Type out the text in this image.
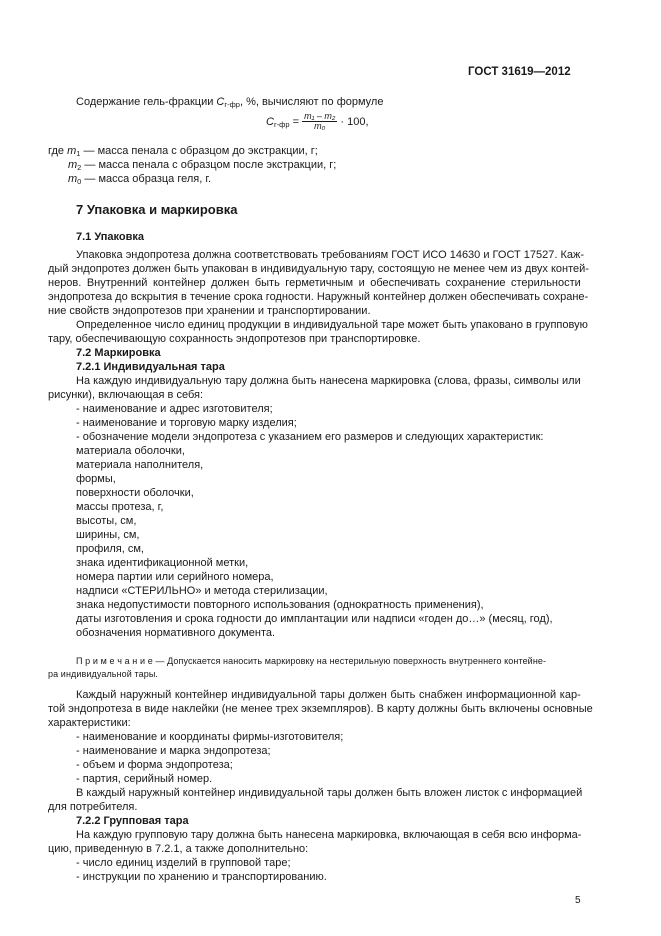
ГОСТ 31619—2012
Содержание гель-фракции $C_{г-фр}$, %, вычисляют по формуле
$C_{г-фр} = \frac{\text{m₁ – m₂}}{\text{m₀}} \cdot 100$,
где $m_1$ — масса пенала с образцом до экстракции, г;
$m_2$ — масса пенала с образцом после экстракции, г;
$m_0$ — масса образца геля, г.
7 Упаковка и маркировка
7.1 Упаковка
Упаковка эндопротеза должна соответствовать требованиям ГОСТ ИСО 14630 и ГОСТ 17527. Каж-
дый эндопротез должен быть упакован в индивидуальную тару, состоящую не менее чем из двух контей-
неров. Внутренний контейнер должен быть герметичным и обеспечивать сохранение стерильности
эндопротеза до вскрытия в течение срока годности. Наружный контейнер должен обеспечивать сохране-
ние свойств эндопротезов при хранении и транспортировании.
Определенное число единиц продукции в индивидуальной таре может быть упаковано в групповую
тару, обеспечивающую сохранность эндопротезов при транспортировке.
7.2 Маркировка
7.2.1 Индивидуальная тара
На каждую индивидуальную тару должна быть нанесена маркировка (слова, фразы, символы или
рисунки), включающая в себя:
- наименование и адрес изготовителя;
- наименование и торговую марку изделия;
- обозначение модели эндопротеза с указанием его размеров и следующих характеристик:
материала оболочки,
материала наполнителя,
формы,
поверхности оболочки,
массы протеза, г,
высоты, см,
ширины, см,
профиля, см,
знака идентификационной метки,
номера партии или серийного номера,
надписи «СТЕРИЛЬНО» и метода стерилизации,
знака недопустимости повторного использования (однократность применения),
даты изготовления и срока годности до имплантации или надписи «годен до…» (месяц, год),
обозначения нормативного документа.
П р и м е ч а н и е — Допускается наносить маркировку на нестерильную поверхность внутреннего контейне-
ра индивидуальной тары.
Каждый наружный контейнер индивидуальной тары должен быть снабжен информационной кар-
той эндопротеза в виде наклейки (не менее трех экземпляров). В карту должны быть включены основные
характеристики:
- наименование и координаты фирмы-изготовителя;
- наименование и марка эндопротеза;
- объем и форма эндопротеза;
- партия, серийный номер.
В каждый наружный контейнер индивидуальной тары должен быть вложен листок с информацией
для потребителя.
7.2.2 Групповая тара
На каждую групповую тару должна быть нанесена маркировка, включающая в себя всю информа-
цию, приведенную в 7.2.1, а также дополнительно:
- число единиц изделий в групповой таре;
- инструкции по хранению и транспортированию.
5
